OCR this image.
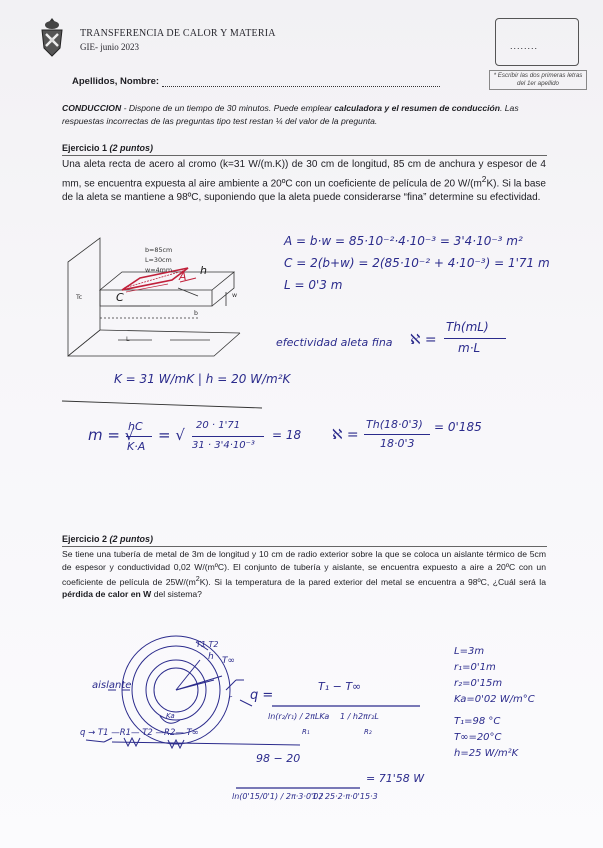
TRANSFERENCIA DE CALOR Y MATERIA
GIE- junio 2023	........
* Escribir las dos primeras letras del 1er apellido
Apellidos, Nombre:
CONDUCCION - Dispone de un tiempo de 30 minutos. Puede emplear calculadora y el resumen de conducción. Las respuestas incorrectas de las preguntas tipo test restan ¼ del valor de la pregunta.
Ejercicio 1 (2 puntos)
Una aleta recta de acero al cromo (k=31 W/(m.K)) de 30 cm de longitud, 85 cm de anchura y espesor de 4 mm, se encuentra expuesta al aire ambiente a 20ºC con un coeficiente de película de 20 $W/(m^2K)$. Si la base de la aleta se mantiene a 98ºC, suponiendo que la aleta puede considerarse “fina” determine su efectividad.
b=85cm
L=30cm
w=4mm
Tc
L
b
w
C
A h
A = b·w = 85·10⁻²·4·10⁻³ = 3'4·10⁻³ m²
C = 2(b+w) = 2(85·10⁻² + 4·10⁻³) = 1'71 m
L = 0'3 m
efectividad aleta fina ℵ =
Th(mL)
m·L
K = 31 W/mK | h = 20 W/m²K
m = √
hC
K·A
= √
20 · 1'71
31 · 3'4·10⁻³
= 18 ℵ =
Th(18·0'3)
18·0'3
= 0'185
Ejercicio 2 (2 puntos)
Se tiene una tubería de metal de 3m de longitud y 10 cm de radio exterior sobre la que se coloca un aislante térmico de 5cm de espesor y conductividad 0,02 W/(mºC). El conjunto de tubería y aislante, se encuentra expuesto a aire a 20ºC con un coeficiente de película de $25W/(m^2K)$. Si la temperatura de la pared exterior del metal se encuentra a 98ºC, ¿Cuál será la pérdida de calor en W del sistema?
aislante
T1 T2
h T∞
r
Ka
q → T1 —R1— T2 —R2— T∞
q =
T₁ − T∞
ln(r₂/r₁) / 2πLKa 1 / h2πr₂L
R₁	R₂
98 − 20
ln(0'15/0'1) / 2π·3·0'02
1 / 25·2·π·0'15·3
= 71'58 W
L=3m
r₁=0'1m
r₂=0'15m
Ka=0'02 W/m°C
T₁=98 °C
T∞=20°C
h=25 W/m²K
